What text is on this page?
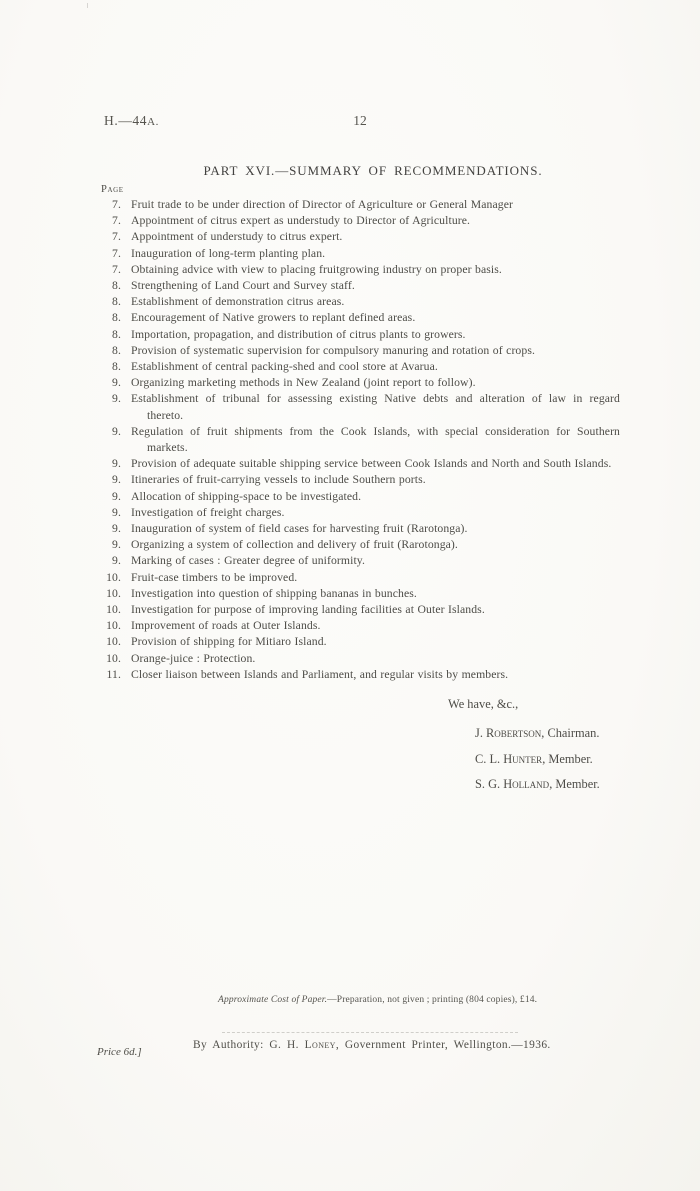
H.—44A.	12
PART XVI.—SUMMARY OF RECOMMENDATIONS.
Page
7. Fruit trade to be under direction of Director of Agriculture or General Manager
7. Appointment of citrus expert as understudy to Director of Agriculture.
7. Appointment of understudy to citrus expert.
7. Inauguration of long-term planting plan.
7. Obtaining advice with view to placing fruitgrowing industry on proper basis.
8. Strengthening of Land Court and Survey staff.
8. Establishment of demonstration citrus areas.
8. Encouragement of Native growers to replant defined areas.
8. Importation, propagation, and distribution of citrus plants to growers.
8. Provision of systematic supervision for compulsory manuring and rotation of crops.
8. Establishment of central packing-shed and cool store at Avarua.
9. Organizing marketing methods in New Zealand (joint report to follow).
9. Establishment of tribunal for assessing existing Native debts and alteration of law in regard
thereto.
9. Regulation of fruit shipments from the Cook Islands, with special consideration for Southern
markets.
9. Provision of adequate suitable shipping service between Cook Islands and North and South Islands.
9. Itineraries of fruit-carrying vessels to include Southern ports.
9. Allocation of shipping-space to be investigated.
9. Investigation of freight charges.
9. Inauguration of system of field cases for harvesting fruit (Rarotonga).
9. Organizing a system of collection and delivery of fruit (Rarotonga).
9. Marking of cases : Greater degree of uniformity.
10. Fruit-case timbers to be improved.
10. Investigation into question of shipping bananas in bunches.
10. Investigation for purpose of improving landing facilities at Outer Islands.
10. Improvement of roads at Outer Islands.
10. Provision of shipping for Mitiaro Island.
10. Orange-juice : Protection.
11. Closer liaison between Islands and Parliament, and regular visits by members.
We have, &c.,
J. Robertson, Chairman.
C. L. Hunter, Member.
S. G. Holland, Member.
Approximate Cost of Paper.—Preparation, not given ; printing (804 copies), £14.
By Authority: G. H. Loney, Government Printer, Wellington.—1936.
Price 6d.]
